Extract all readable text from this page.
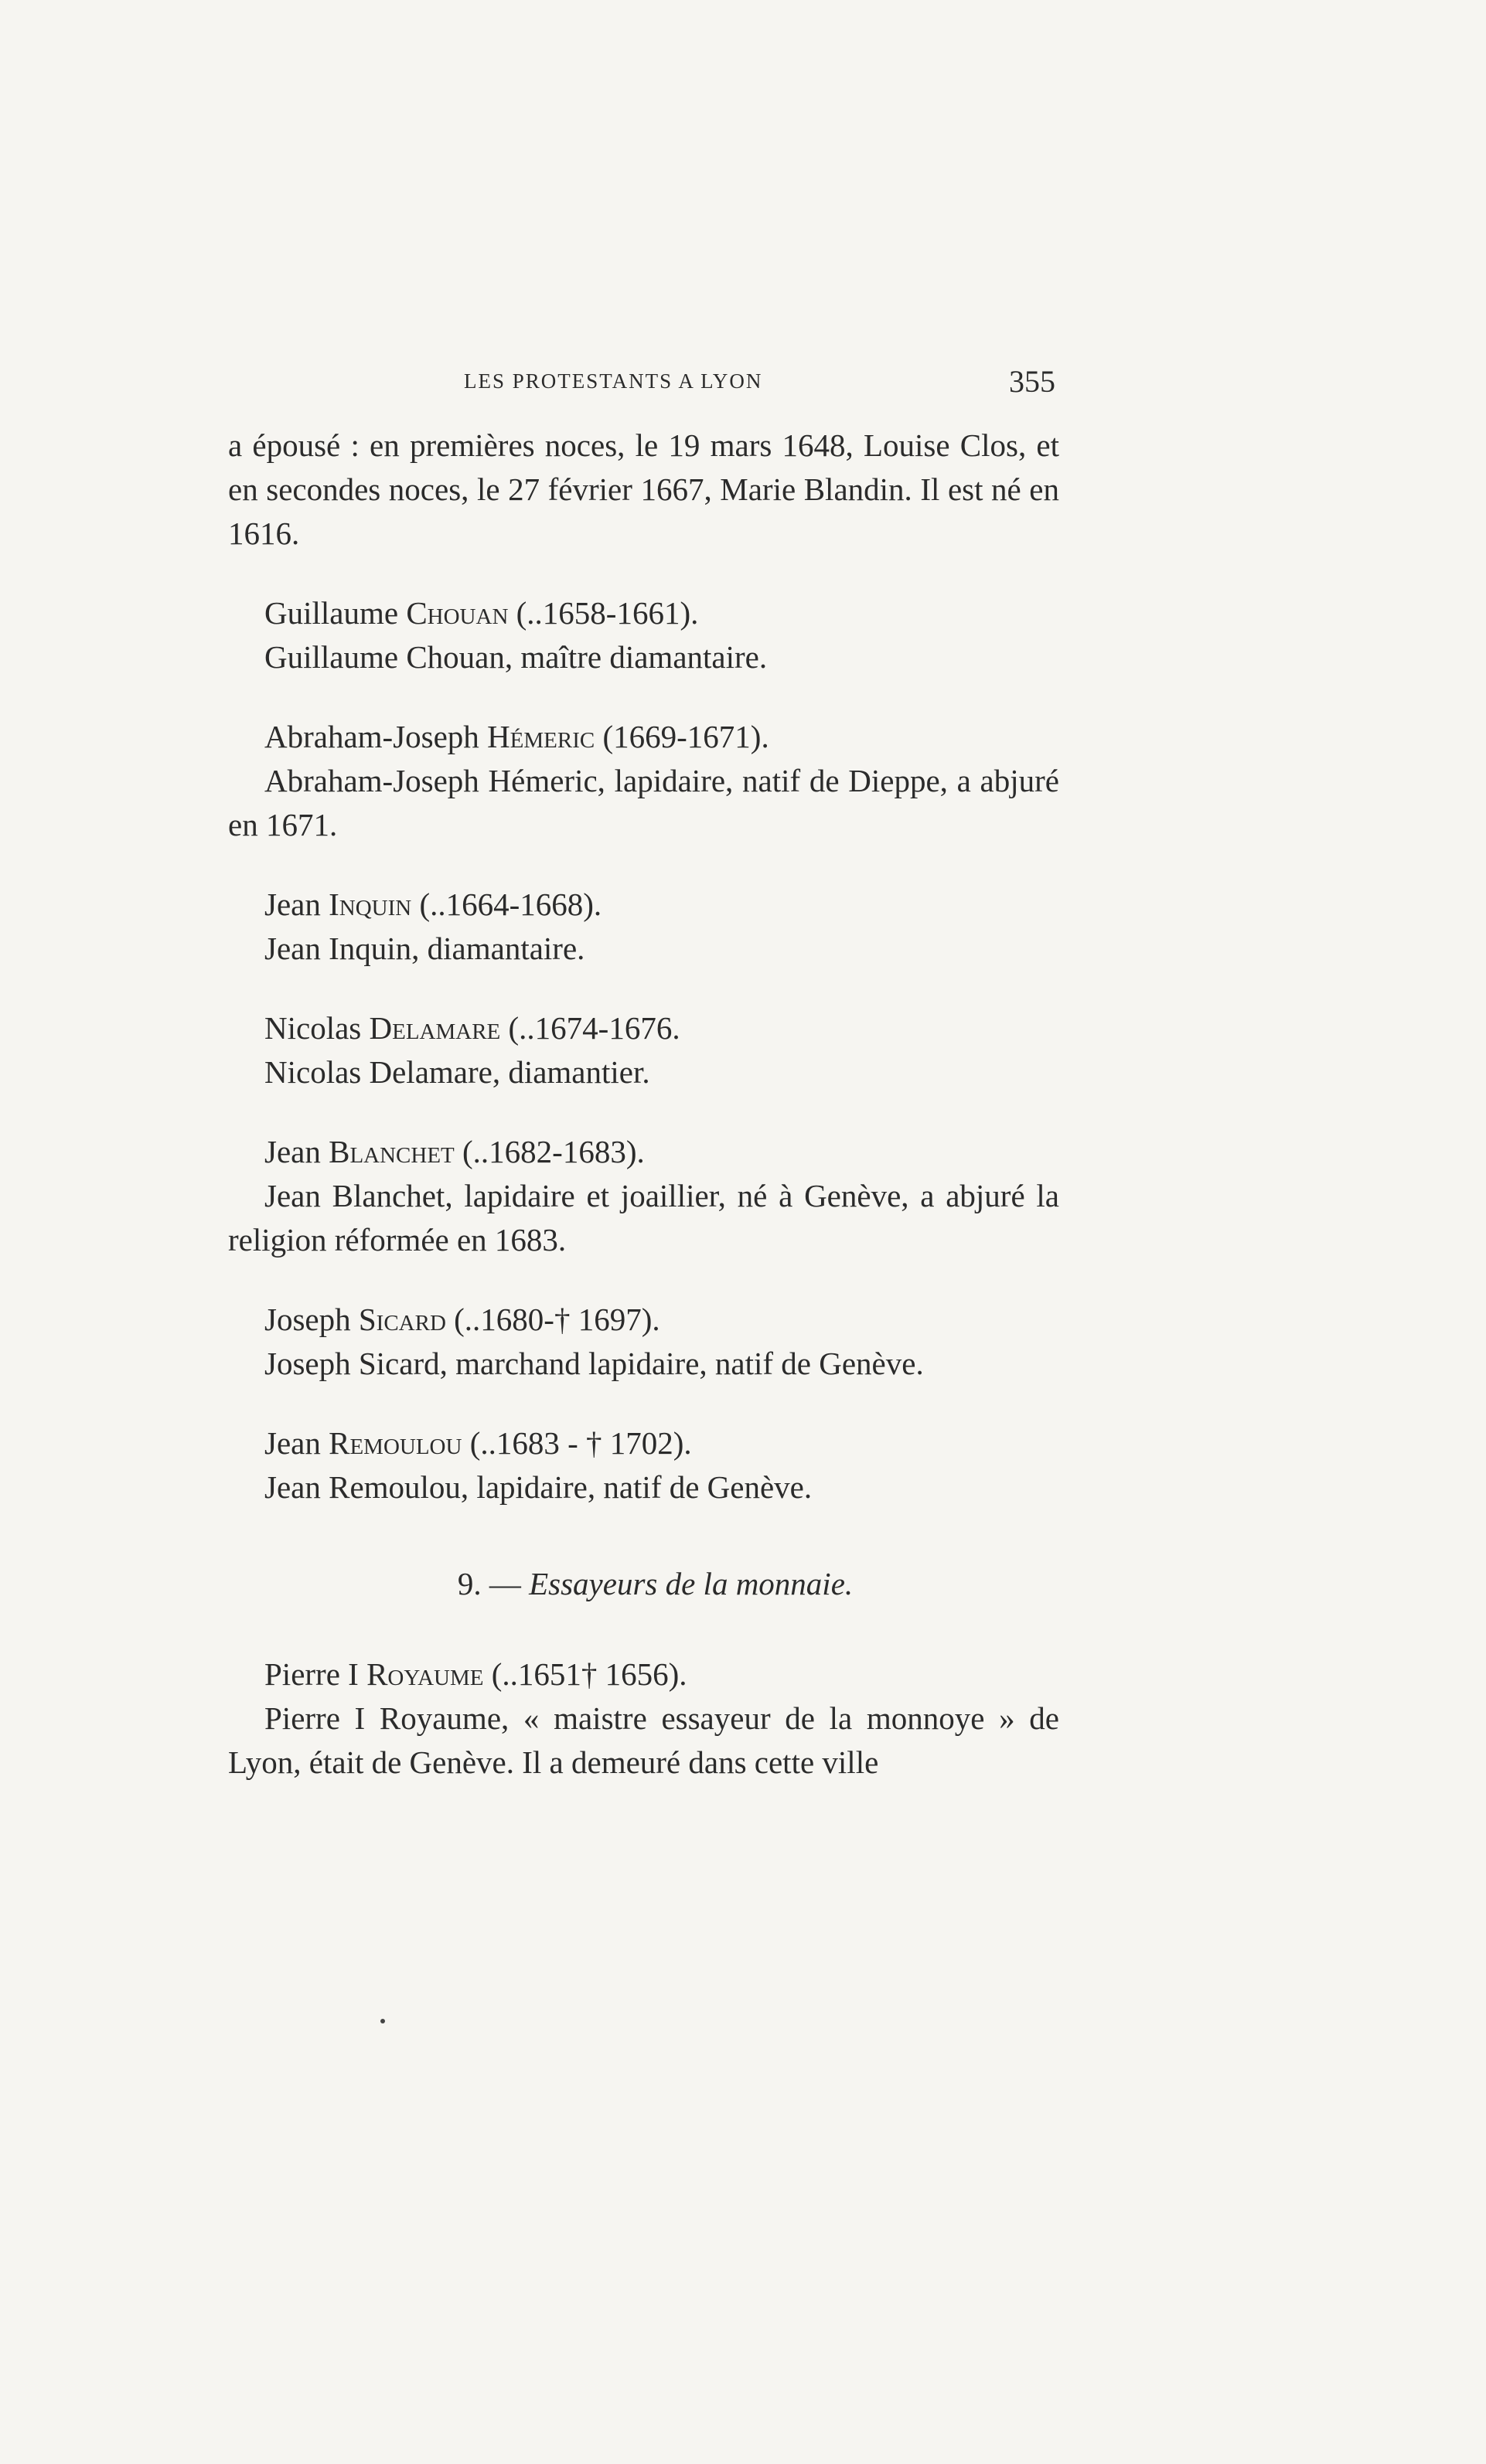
LES PROTESTANTS A LYON	355

a épousé : en premières noces, le 19 mars 1648, Louise Clos, et en secondes noces, le 27 février 1667, Marie Blandin. Il est né en 1616.

Guillaume Chouan (..1658-1661).

Guillaume Chouan, maître diamantaire.

Abraham-Joseph Hémeric (1669-1671).

Abraham-Joseph Hémeric, lapidaire, natif de Dieppe, a abjuré en 1671.

Jean Inquin (..1664-1668).

Jean Inquin, diamantaire.

Nicolas Delamare (..1674-1676.

Nicolas Delamare, diamantier.

Jean Blanchet (..1682-1683).

Jean Blanchet, lapidaire et joaillier, né à Genève, a abjuré la religion réformée en 1683.

Joseph Sicard (..1680-† 1697).

Joseph Sicard, marchand lapidaire, natif de Genève.

Jean Remoulou (..1683 - † 1702).

Jean Remoulou, lapidaire, natif de Genève.

9. — Essayeurs de la monnaie.

Pierre I Royaume (..1651† 1656).

Pierre I Royaume, « maistre essayeur de la monnoye » de Lyon, était de Genève. Il a demeuré dans cette ville
